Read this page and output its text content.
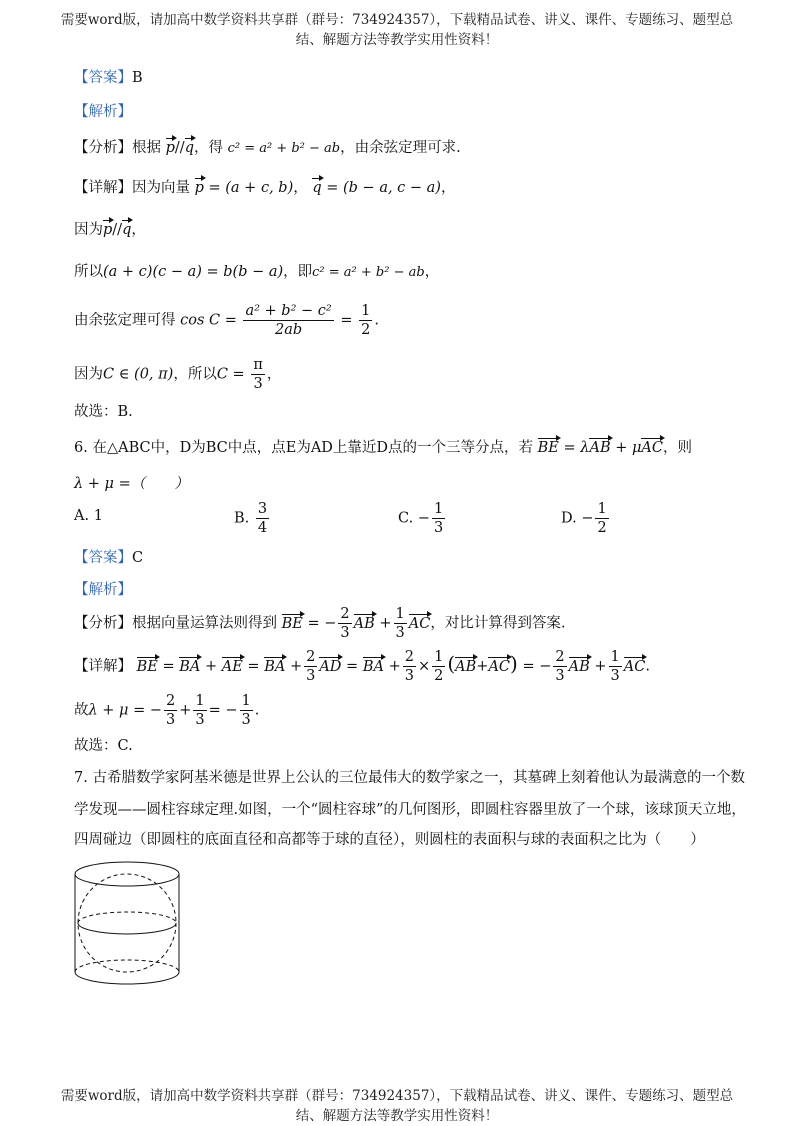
需要word版，请加高中数学资料共享群（群号：734924357），下载精品试卷、讲义、课件、专题练习、题型总
结、解题方法等教学实用性资料！
【答案】B
【解析】
【分析】根据 p//q，得 c² = a² + b² − ab，由余弦定理可求.
【详解】因为向量 p = (a + c, b)， q = (b − a, c − a)，
因为p//q，
所以(a + c)(c − a) = b(b − a)，即c² = a² + b² − ab，
由余弦定理可得 $\cos C = \frac{\text{a² + b² − c²}}{2ab} = \frac{1}{2}$ .
因为C ∈ (0, π)，所以$C = \frac{\pi}{3}$ ，
故选：B.
6. 在△ABC中，D为BC中点，点E为AD上靠近D点的一个三等分点，若 BE = λAB + μAC，则
λ + μ =（　　）
A. 1	B. $\frac{3}{4}$	C. − $\frac{1}{3}$	D. − $\frac{1}{2}$
【答案】C
【解析】
【分析】根据向量运算法则得到 BE = − $\frac{2}{3}$ AB + $\frac{1}{3}$ AC，对比计算得到答案.
【详解】 BE = BA + AE = BA + $\frac{2}{3}$ AD = BA + $\frac{2}{3} \times \frac{1}{2} (AB+AC)$ = − $\frac{2}{3}$ AB + $\frac{1}{3}$ AC.
故λ + μ = − $\frac{2}{3} + \frac{1}{3}$ = − $\frac{1}{3}$ .
故选：C.
7. 古希腊数学家阿基米德是世界上公认的三位最伟大的数学家之一，其墓碑上刻着他认为最满意的一个数
学发现——圆柱容球定理.如图，一个“圆柱容球”的几何图形，即圆柱容器里放了一个球，该球顶天立地，
四周碰边（即圆柱的底面直径和高都等于球的直径），则圆柱的表面积与球的表面积之比为（　　）
需要word版，请加高中数学资料共享群（群号：734924357），下载精品试卷、讲义、课件、专题练习、题型总
结、解题方法等教学实用性资料！
